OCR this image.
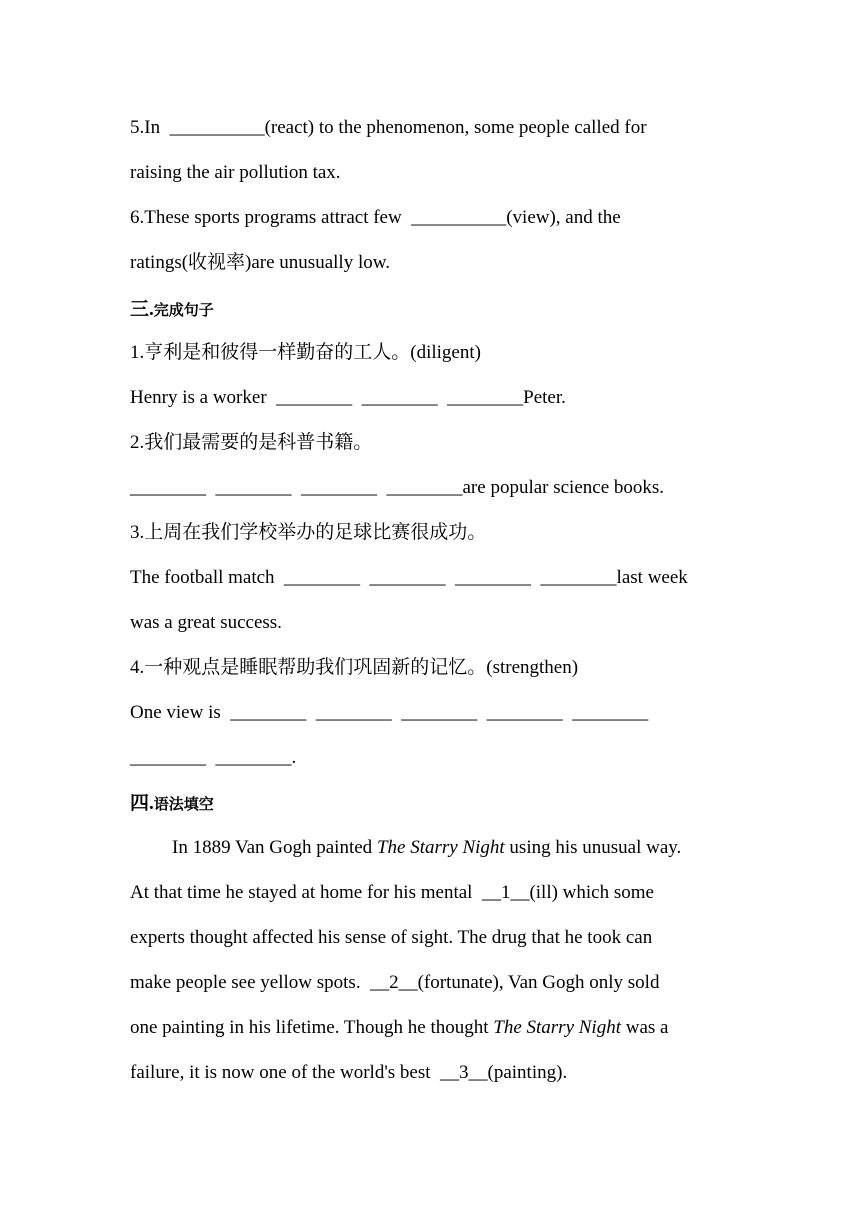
5.In  __________(react) to the phenomenon, some people called for
raising the air pollution tax.
6.These sports programs attract few  __________(view), and the
ratings(收视率)are unusually low.
三.完成句子
1.亨利是和彼得一样勤奋的工人。(diligent)
Henry is a worker  ________  ________  ________Peter.
2.我们最需要的是科普书籍。
________  ________  ________  ________are popular science books.
3.上周在我们学校举办的足球比赛很成功。
The football match  ________  ________  ________  ________last week
was a great success.
4.一种观点是睡眠帮助我们巩固新的记忆。(strengthen)
One view is  ________  ________  ________  ________  ________
________  ________.
四.语法填空
In 1889 Van Gogh painted The Starry Night using his unusual way.
At that time he stayed at home for his mental  __1__(ill) which some
experts thought affected his sense of sight. The drug that he took can
make people see yellow spots.  __2__(fortunate), Van Gogh only sold
one painting in his lifetime. Though he thought The Starry Night was a
failure, it is now one of the world's best  __3__(painting).
